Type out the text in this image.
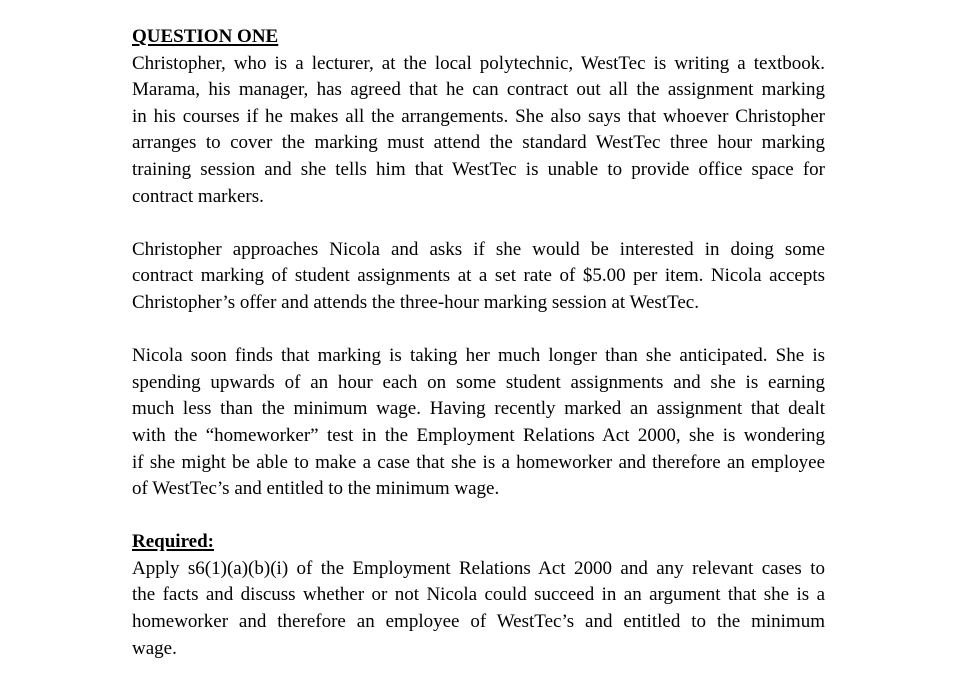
QUESTION ONE
Christopher, who is a lecturer, at the local polytechnic, WestTec is writing a textbook.
Marama, his manager, has agreed that he can contract out all the assignment marking
in his courses if he makes all the arrangements. She also says that whoever Christopher
arranges to cover the marking must attend the standard WestTec three hour marking
training session and she tells him that WestTec is unable to provide office space for
contract markers.
Christopher approaches Nicola and asks if she would be interested in doing some
contract marking of student assignments at a set rate of $5.00 per item. Nicola accepts
Christopher’s offer and attends the three-hour marking session at WestTec.
Nicola soon finds that marking is taking her much longer than she anticipated. She is
spending upwards of an hour each on some student assignments and she is earning
much less than the minimum wage. Having recently marked an assignment that dealt
with the “homeworker” test in the Employment Relations Act 2000, she is wondering
if she might be able to make a case that she is a homeworker and therefore an employee
of WestTec’s and entitled to the minimum wage.
Required:
Apply s6(1)(a)(b)(i) of the Employment Relations Act 2000 and any relevant cases to
the facts and discuss whether or not Nicola could succeed in an argument that she is a
homeworker and therefore an employee of WestTec’s and entitled to the minimum
wage.
